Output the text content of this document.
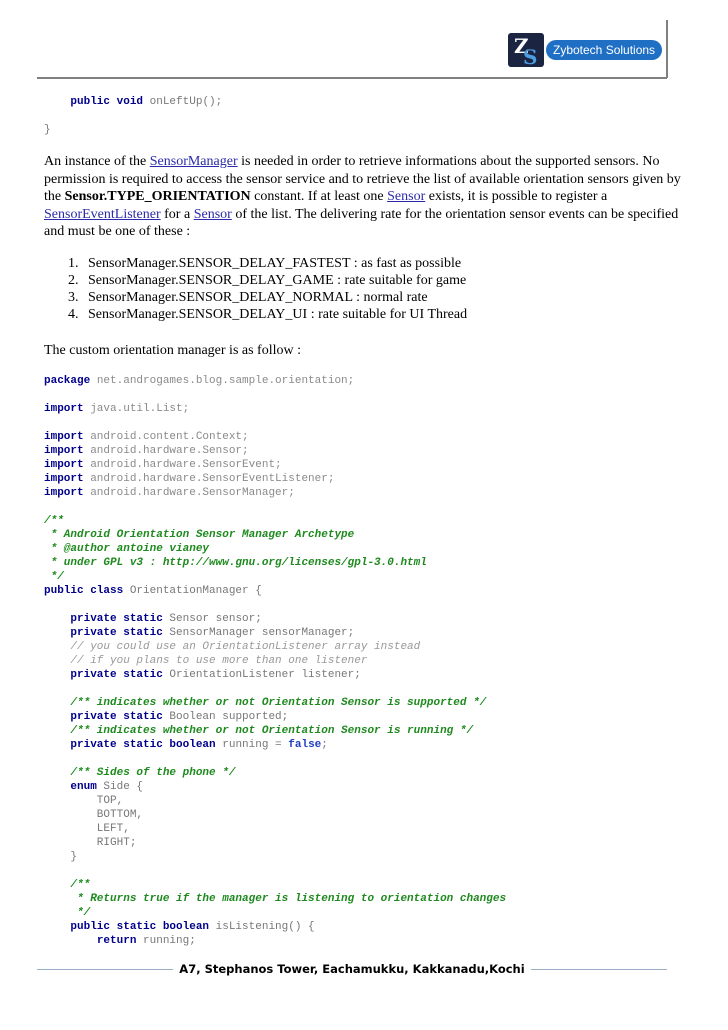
Z
S	Zybotech Solutions
public void onLeftUp();
}
An instance of the SensorManager is needed in order to retrieve informations about the supported sensors. No permission is required to access the sensor service and to retrieve the list of available orientation sensors given by the Sensor.TYPE_ORIENTATION constant. If at least one Sensor exists, it is possible to register a SensorEventListener for a Sensor of the list. The delivering rate for the orientation sensor events can be specified and must be one of these :
1. SensorManager.SENSOR_DELAY_FASTEST : as fast as possible
2. SensorManager.SENSOR_DELAY_GAME : rate suitable for game
3. SensorManager.SENSOR_DELAY_NORMAL : normal rate
4. SensorManager.SENSOR_DELAY_UI : rate suitable for UI Thread
The custom orientation manager is as follow :
package net.androgames.blog.sample.orientation;

import java.util.List;

import android.content.Context;
import android.hardware.Sensor;
import android.hardware.SensorEvent;
import android.hardware.SensorEventListener;
import android.hardware.SensorManager;

/**
* Android Orientation Sensor Manager Archetype
* @author antoine vianey
* under GPL v3 : http://www.gnu.org/licenses/gpl-3.0.html
*/
public class OrientationManager {

private static Sensor sensor;
private static SensorManager sensorManager;
// you could use an OrientationListener array instead
// if you plans to use more than one listener
private static OrientationListener listener;

/** indicates whether or not Orientation Sensor is supported */
private static Boolean supported;
/** indicates whether or not Orientation Sensor is running */
private static boolean running = false;

/** Sides of the phone */
enum Side {
TOP,
BOTTOM,
LEFT,
RIGHT;
}

/**
* Returns true if the manager is listening to orientation changes
*/
public static boolean isListening() {
return running;
A7, Stephanos Tower, Eachamukku, Kakkanadu,Kochi
